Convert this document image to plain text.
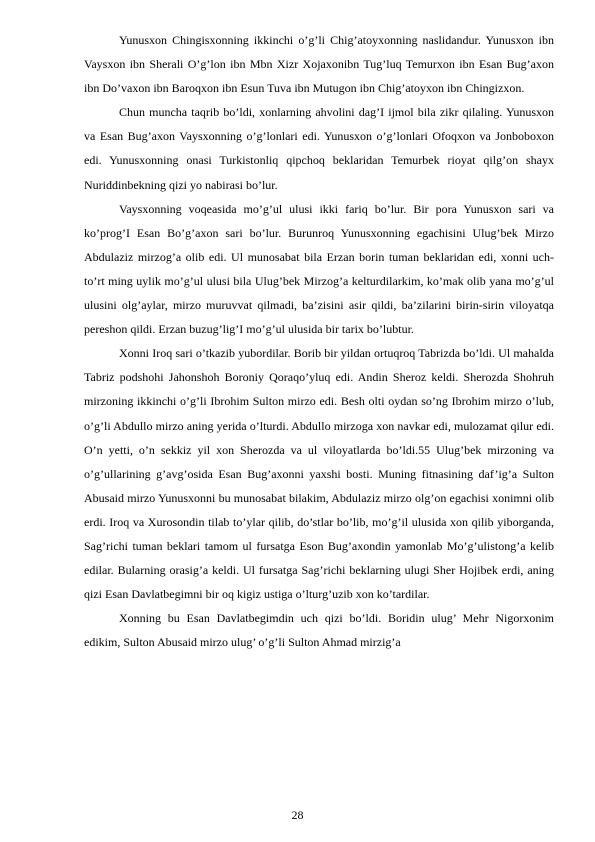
Yunusxon Chingisxonning ikkinchi o’g’li Chig’atoyxonning naslidandur. Yunusxon ibn Vaysxon ibn Sherali O’g’lon ibn Mbn Xizr Xojaxonibn Tug’luq Temurxon ibn Esan Bug’axon ibn Do’vaxon ibn Baroqxon ibn Esun Tuva ibn Mutugon ibn Chig’atoyxon ibn Chingizxon.

Chun muncha taqrib bo’ldi, xonlarning ahvolini dag’I ijmol bila zikr qilaling. Yunusxon va Esan Bug’axon Vaysxonning o’g’lonlari edi. Yunusxon o’g’lonlari Ofoqxon va Jonboboxon edi. Yunusxonning onasi Turkistonliq qipchoq beklaridan Temurbek rioyat qilg’on shayx Nuriddinbekning qizi yo nabirasi bo’lur.

Vaysxonning voqeasida mo’g’ul ulusi ikki fariq bo’lur. Bir pora Yunusxon sari va ko’prog’I Esan Bo’g’axon sari bo’lur. Burunroq Yunusxonning egachisini Ulug’bek Mirzo Abdulaziz mirzog’a olib edi. Ul munosabat bila Erzan borin tuman beklaridan edi, xonni uch-to’rt ming uylik mo’g’ul ulusi bila Ulug’bek Mirzog’a kelturdilarkim, ko’mak olib yana mo’g’ul ulusini olg’aylar, mirzo muruvvat qilmadi, ba’zisini asir qildi, ba’zilarini birin-sirin viloyatqa pereshon qildi. Erzan buzug’lig’I mo’g’ul ulusida bir tarix bo’lubtur.

Xonni Iroq sari o’tkazib yubordilar. Borib bir yildan ortuqroq Tabrizda bo’ldi. Ul mahalda Tabriz podshohi Jahonshoh Boroniy Qoraqo’yluq edi. Andin Sheroz keldi. Sherozda Shohruh mirzoning ikkinchi o’g’li Ibrohim Sulton mirzo edi. Besh olti oydan so’ng Ibrohim mirzo o’lub, o’g’li Abdullo mirzo aning yerida o’lturdi. Abdullo mirzoga xon navkar edi, mulozamat qilur edi. O’n yetti, o’n sekkiz yil xon Sherozda va ul viloyatlarda bo’ldi.55 Ulug’bek mirzoning va o’g’ullarining g’avg’osida Esan Bug’axonni yaxshi bosti. Muning fitnasining daf’ig’a Sulton Abusaid mirzo Yunusxonni bu munosabat bilakim, Abdulaziz mirzo olg’on egachisi xonimni olib erdi. Iroq va Xurosondin tilab to’ylar qilib, do’stlar bo’lib, mo’g’il ulusida xon qilib yiborganda, Sag’richi tuman beklari tamom ul fursatga Eson Bug’axondin yamonlab Mo’g’ulistong’a kelib edilar. Bularning orasig’a keldi. Ul fursatga Sag’richi beklarning ulugi Sher Hojibek erdi, aning qizi Esan Davlatbegimni bir oq kigiz ustiga o’lturg’uzib xon ko’tardilar.

Xonning bu Esan Davlatbegimdin uch qizi bo’ldi. Boridin ulug’ Mehr Nigorxonim edikim, Sulton Abusaid mirzo ulug’ o’g’li Sulton Ahmad mirzig’a

28
